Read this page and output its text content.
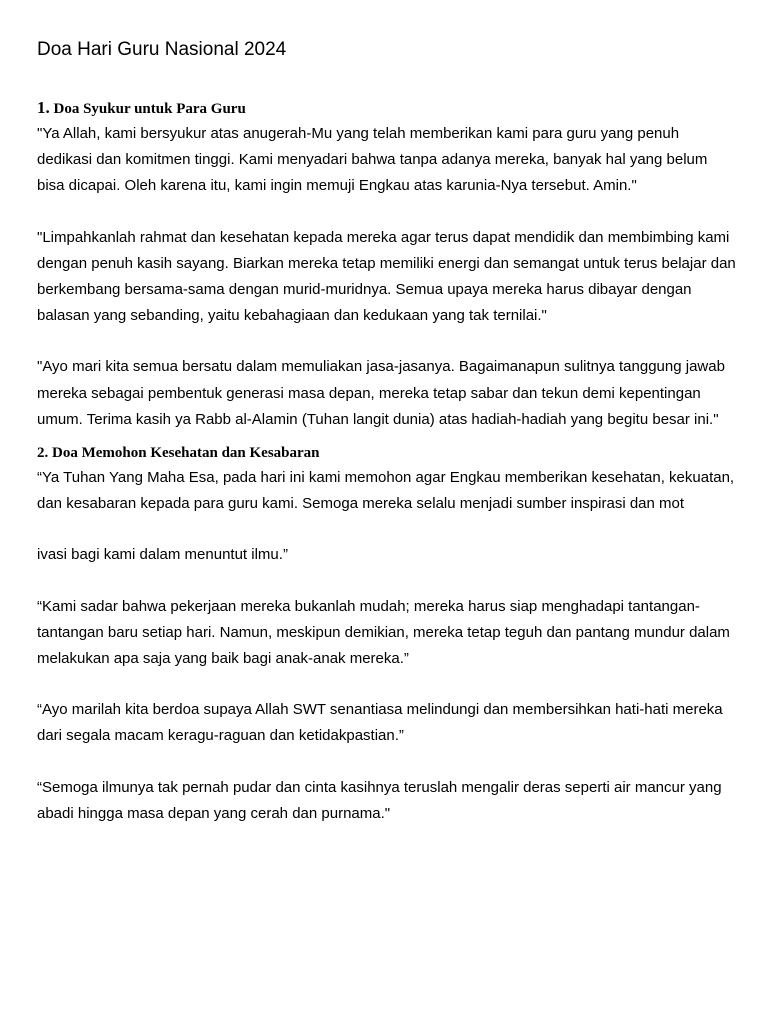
Doa Hari Guru Nasional 2024
1. Doa Syukur untuk Para Guru

"Ya Allah, kami bersyukur atas anugerah-Mu yang telah memberikan kami para guru yang penuh dedikasi dan komitmen tinggi. Kami menyadari bahwa tanpa adanya mereka, banyak hal yang belum bisa dicapai. Oleh karena itu, kami ingin memuji Engkau atas karunia-Nya tersebut. Amin."

"Limpahkanlah rahmat dan kesehatan kepada mereka agar terus dapat mendidik dan membimbing kami dengan penuh kasih sayang. Biarkan mereka tetap memiliki energi dan semangat untuk terus belajar dan berkembang bersama-sama dengan murid-muridnya. Semua upaya mereka harus dibayar dengan balasan yang sebanding, yaitu kebahagiaan dan kedukaan yang tak ternilai."

"Ayo mari kita semua bersatu dalam memuliakan jasa-jasanya. Bagaimanapun sulitnya tanggung jawab mereka sebagai pembentuk generasi masa depan, mereka tetap sabar dan tekun demi kepentingan umum. Terima kasih ya Rabb al-Alamin (Tuhan langit dunia) atas hadiah-hadiah yang begitu besar ini."

2. Doa Memohon Kesehatan dan Kesabaran

“Ya Tuhan Yang Maha Esa, pada hari ini kami memohon agar Engkau memberikan kesehatan, kekuatan, dan kesabaran kepada para guru kami. Semoga mereka selalu menjadi sumber inspirasi dan mot

ivasi bagi kami dalam menuntut ilmu.”

“Kami sadar bahwa pekerjaan mereka bukanlah mudah; mereka harus siap menghadapi tantangan-tantangan baru setiap hari. Namun, meskipun demikian, mereka tetap teguh dan pantang mundur dalam melakukan apa saja yang baik bagi anak-anak mereka.”

“Ayo marilah kita berdoa supaya Allah SWT senantiasa melindungi dan membersihkan hati-hati mereka dari segala macam keragu-raguan dan ketidakpastian.”

“Semoga ilmunya tak pernah pudar dan cinta kasihnya teruslah mengalir deras seperti air mancur yang abadi hingga masa depan yang cerah dan purnama."
